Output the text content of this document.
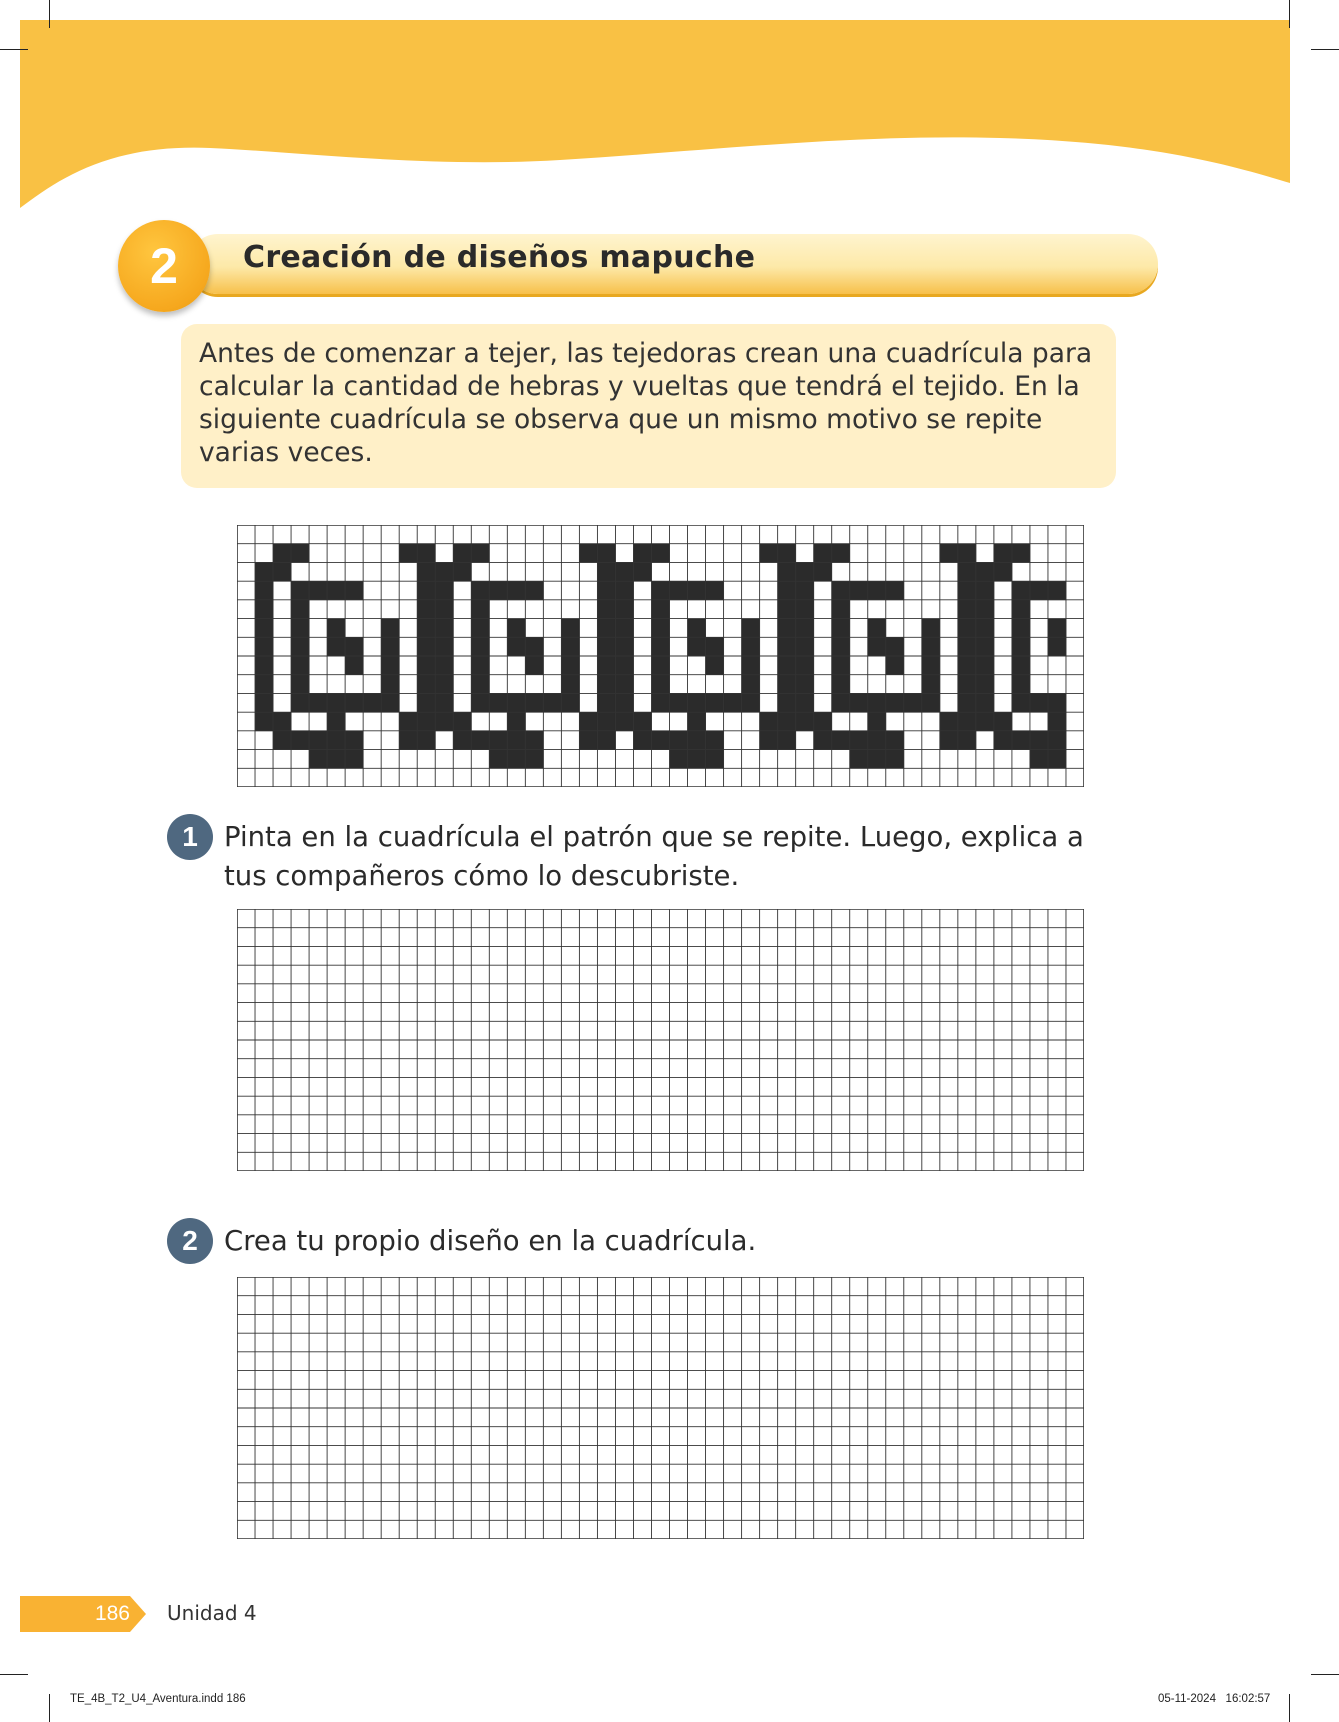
2	Creación de diseños mapuche

Antes de comenzar a tejer, las tejedoras crean una cuadrícula para calcular la cantidad de hebras y vueltas que tendrá el tejido. En la siguiente cuadrícula se observa que un mismo motivo se repite varias veces.

1 Pinta en la cuadrícula el patrón que se repite. Luego, explica a tus compañeros cómo lo descubriste.

2 Crea tu propio diseño en la cuadrícula.

186 Unidad 4
TE_4B_T2_U4_Aventura.indd 186	05-11-2024   16:02:57
